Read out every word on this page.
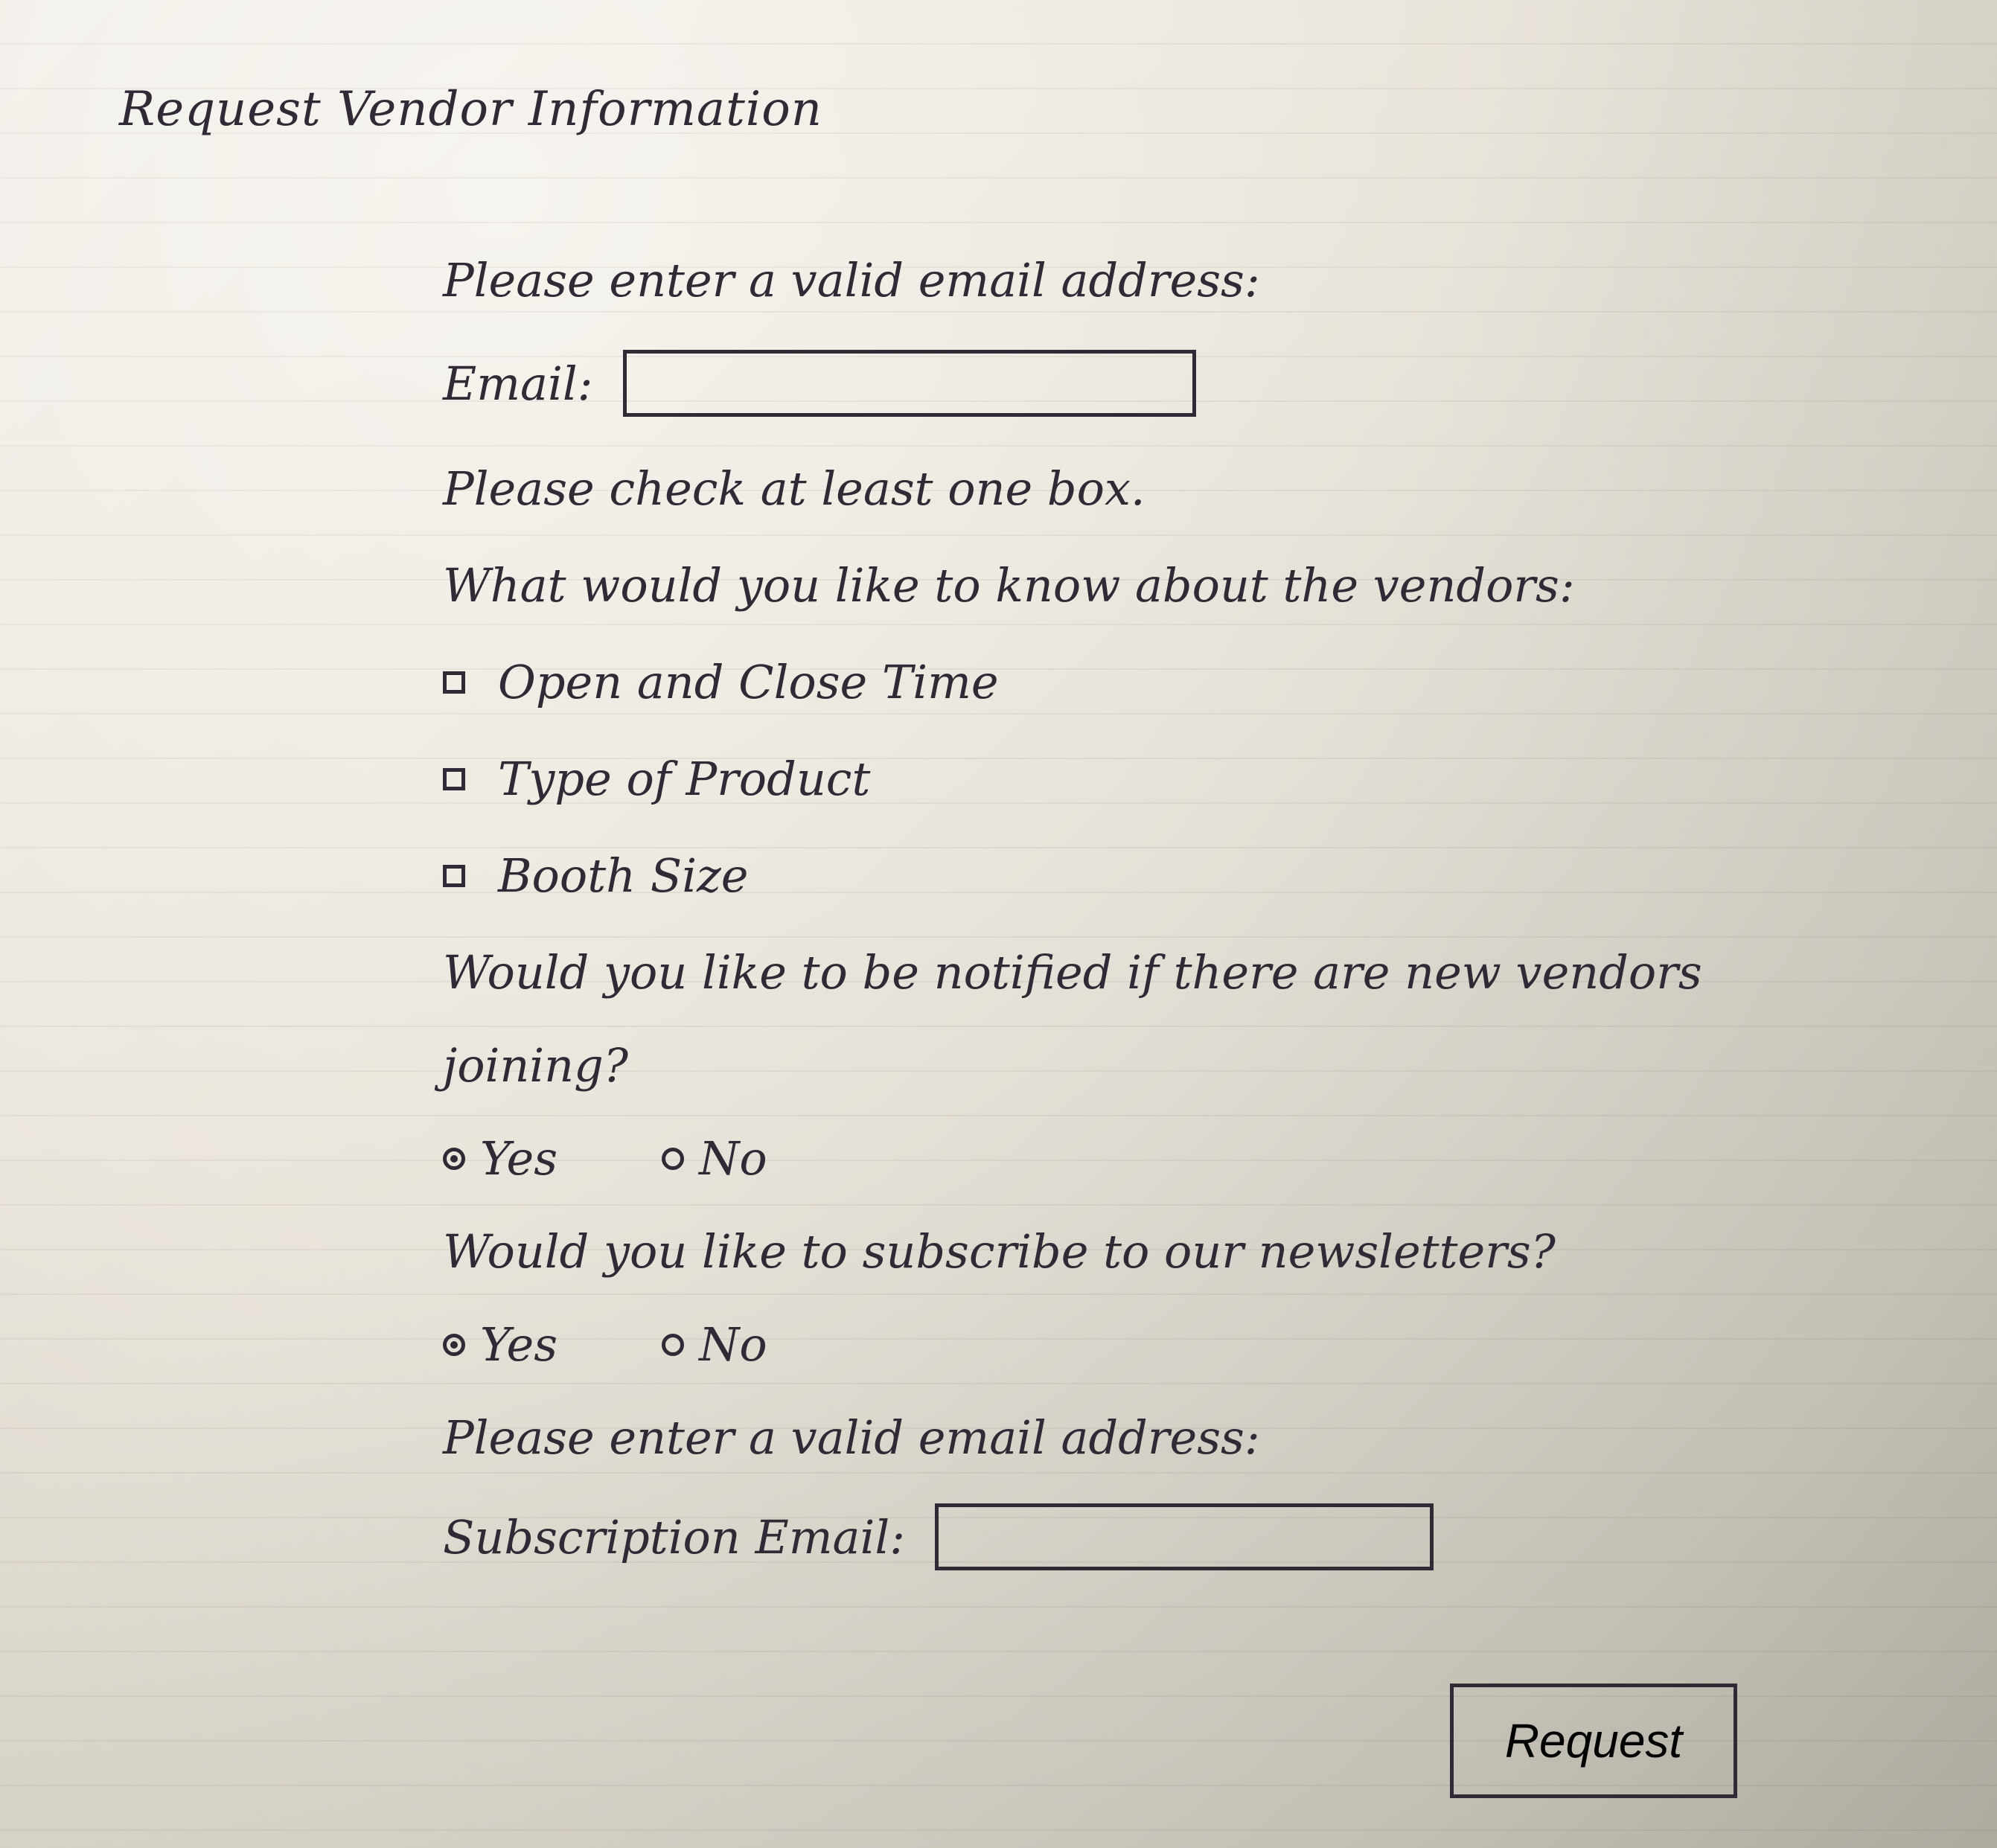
Request Vendor Information
Please enter a valid email address:
Email:
Please check at least one box.
What would you like to know about the vendors:
Open and Close Time
Type of Product
Booth Size
Would you like to be notified if there are new vendors
joining?
Yes	No
Would you like to subscribe to our newsletters?
Yes	No
Please enter a valid email address:
Subscription Email:
Request
